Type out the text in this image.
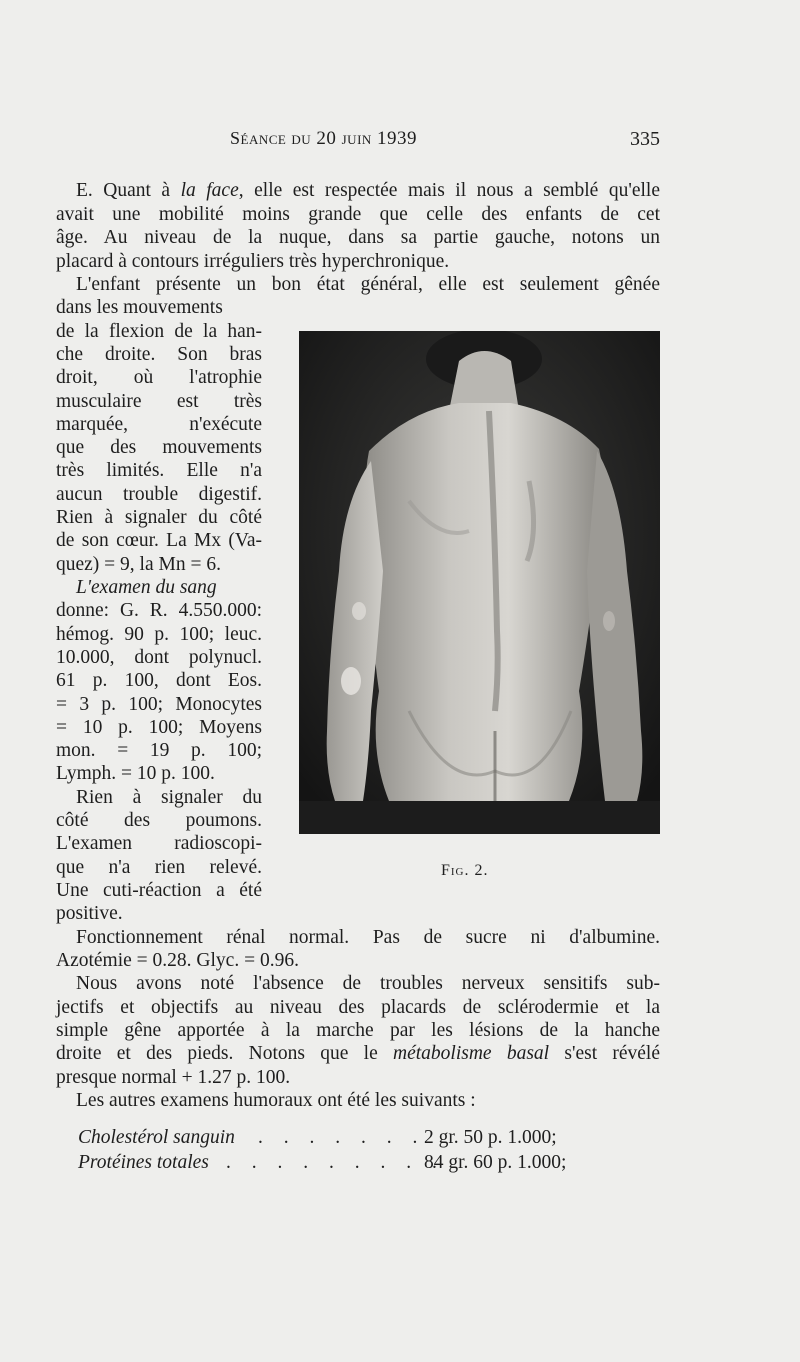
Séance du 20 juin 1939	335
E. Quant à la face, elle est respectée mais il nous a semblé qu'elle
avait une mobilité moins grande que celle des enfants de cet
âge. Au niveau de la nuque, dans sa partie gauche, notons un
placard à contours irréguliers très hyperchronique.
L'enfant présente un bon état général, elle est seulement gênée
dans les mouvements
de la flexion de la han-
che droite. Son bras
droit, où l'atrophie
musculaire est très
marquée, n'exécute
que des mouvements
très limités. Elle n'a
aucun trouble digestif.
Rien à signaler du côté
de son cœur. La Mx (Va-
quez) = 9, la Mn = 6.
L'examen du sang
donne: G. R. 4.550.000:
hémog. 90 p. 100; leuc.
10.000, dont polynucl.
61 p. 100, dont Eos.
= 3 p. 100; Monocytes
= 10 p. 100; Moyens
mon. = 19 p. 100;
Lymph. = 10 p. 100.
Rien à signaler du
côté des poumons.
L'examen radioscopi-
que n'a rien relevé.
Une cuti-réaction a été
positive.
Fonctionnement rénal normal. Pas de sucre ni d'albumine.
Azotémie = 0.28. Glyc. = 0.96.
Nous avons noté l'absence de troubles nerveux sensitifs sub-
jectifs et objectifs au niveau des placards de sclérodermie et la
simple gêne apportée à la marche par les lésions de la hanche
droite et des pieds. Notons que le métabolisme basal s'est révélé
presque normal + 1.27 p. 100.
Les autres examens humoraux ont été les suivants :
Cholestérol sanguin . . . . . . .
2 gr. 50 p. 1.000;
Protéines totales . . . . . . . . .
84 gr. 60 p. 1.000;
Fig. 2.
